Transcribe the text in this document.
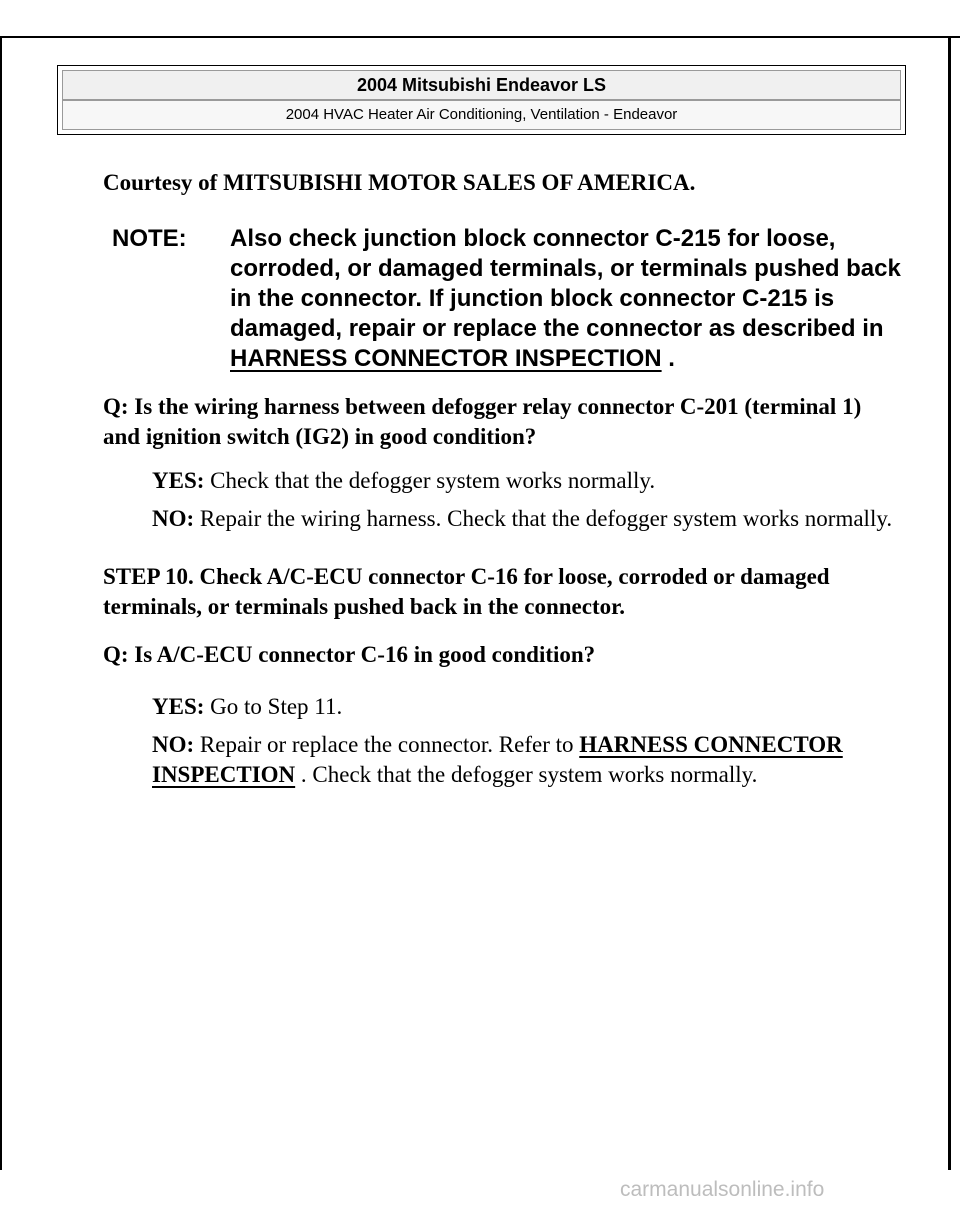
2004 Mitsubishi Endeavor LS
2004 HVAC Heater Air Conditioning, Ventilation - Endeavor
Courtesy of MITSUBISHI MOTOR SALES OF AMERICA.
NOTE: Also check junction block connector C-215 for loose, corroded, or damaged terminals, or terminals pushed back in the connector. If junction block connector C-215 is damaged, repair or replace the connector as described in HARNESS CONNECTOR INSPECTION .
Q: Is the wiring harness between defogger relay connector C-201 (terminal 1) and ignition switch (IG2) in good condition?
YES: Check that the defogger system works normally.
NO: Repair the wiring harness. Check that the defogger system works normally.
STEP 10. Check A/C-ECU connector C-16 for loose, corroded or damaged terminals, or terminals pushed back in the connector.
Q: Is A/C-ECU connector C-16 in good condition?
YES: Go to Step 11.
NO: Repair or replace the connector. Refer to HARNESS CONNECTOR INSPECTION . Check that the defogger system works normally.
carmanualsonline.info
